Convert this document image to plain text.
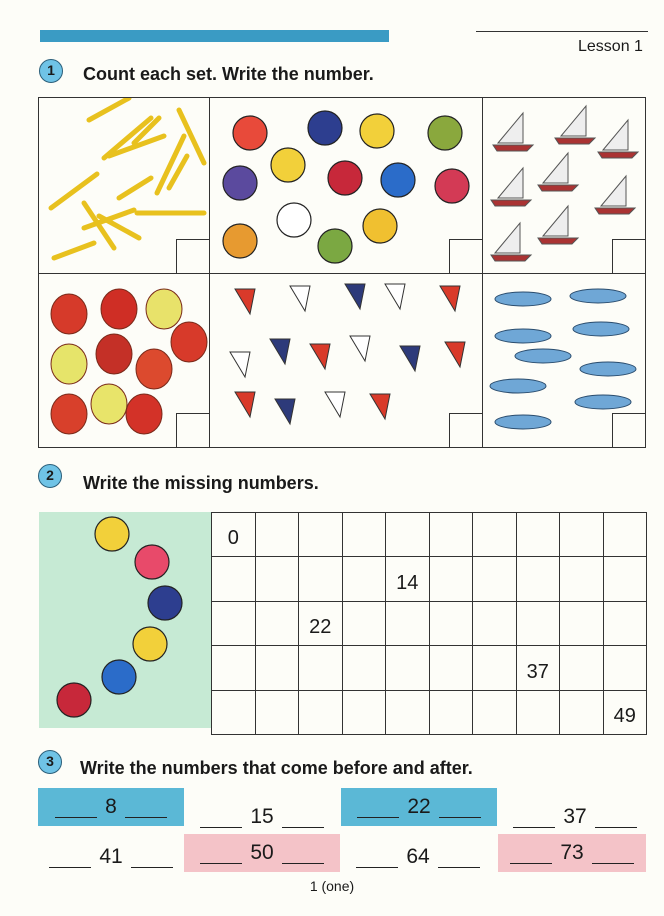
Lesson 1
1	Count each set. Write the number.
2	Write the missing numbers.
0									

				14					

		22							

							37		

									49
3	Write the numbers that come before and after.
8	15	22	37
41	50	64	73
1 (one)
